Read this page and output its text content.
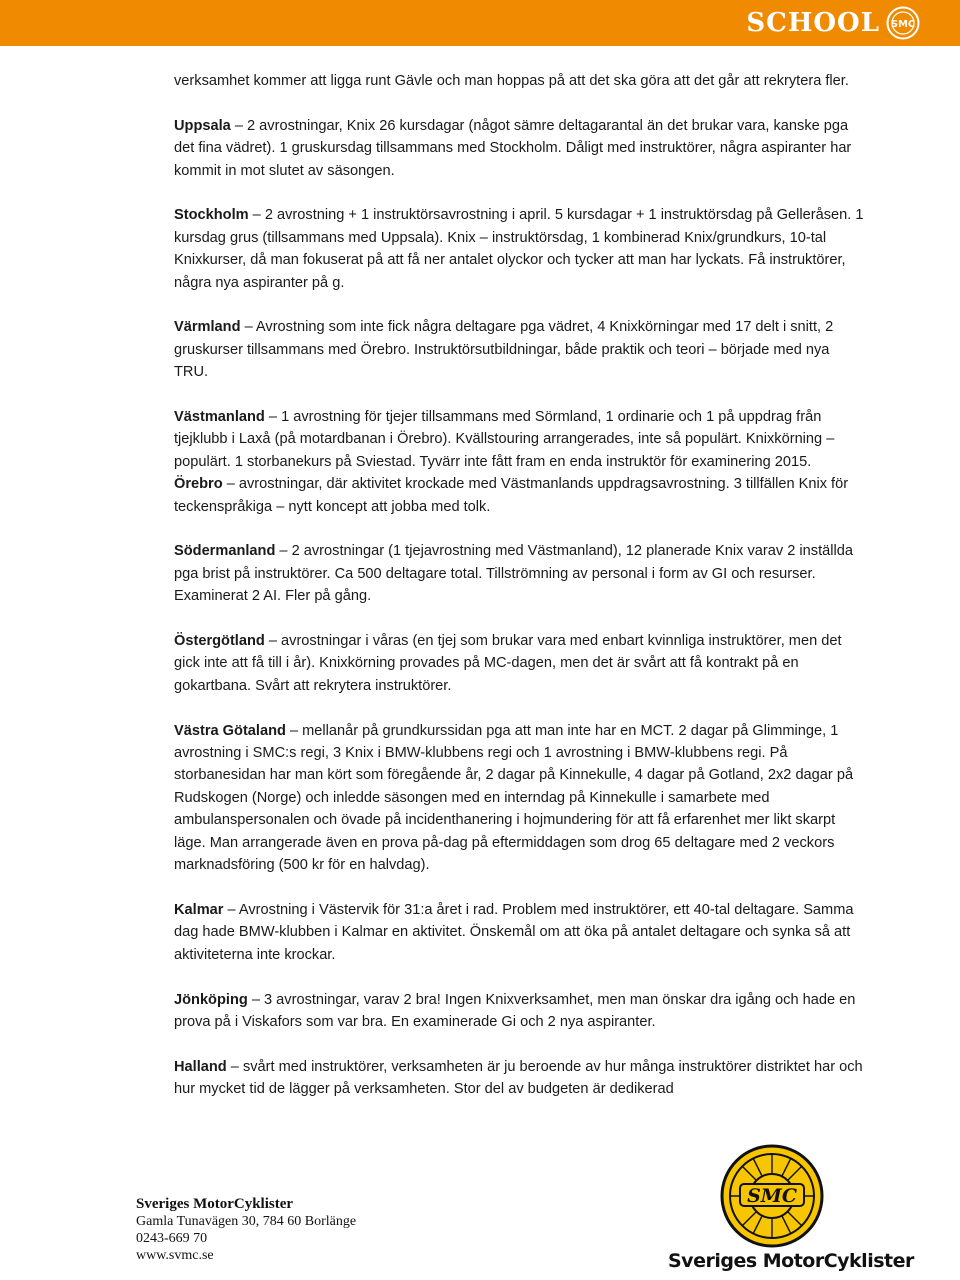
SCHOOL SMC

verksamhet kommer att ligga runt Gävle och man hoppas på att det ska göra att det går att rekrytera fler.

Uppsala – 2 avrostningar, Knix 26 kursdagar (något sämre deltagarantal än det brukar vara, kanske pga det fina vädret). 1 gruskursdag tillsammans med Stockholm. Dåligt med instruktörer, några aspiranter har kommit in mot slutet av säsongen.

Stockholm – 2 avrostning + 1 instruktörsavrostning i april. 5 kursdagar + 1 instruktörsdag på Gelleråsen. 1 kursdag grus (tillsammans med Uppsala). Knix – instruktörsdag, 1 kombinerad Knix/grundkurs, 10-tal Knixkurser, då man fokuserat på att få ner antalet olyckor och tycker att man har lyckats. Få instruktörer, några nya aspiranter på g.

Värmland – Avrostning som inte fick några deltagare pga vädret, 4 Knixkörningar med 17 delt i snitt, 2 gruskurser tillsammans med Örebro. Instruktörsutbildningar, både praktik och teori – började med nya TRU.

Västmanland – 1 avrostning för tjejer tillsammans med Sörmland, 1 ordinarie och 1 på uppdrag från tjejklubb i Laxå (på motardbanan i Örebro). Kvällstouring arrangerades, inte så populärt. Knixkörning – populärt. 1 storbanekurs på Sviestad. Tyvärr inte fått fram en enda instruktör för examinering 2015.

Örebro – avrostningar, där aktivitet krockade med Västmanlands uppdragsavrostning. 3 tillfällen Knix för teckenspråkiga – nytt koncept att jobba med tolk.

Södermanland – 2 avrostningar (1 tjejavrostning med Västmanland), 12 planerade Knix varav 2 inställda pga brist på instruktörer. Ca 500 deltagare total. Tillströmning av personal i form av GI och resurser. Examinerat 2 AI. Fler på gång.

Östergötland – avrostningar i våras (en tjej som brukar vara med enbart kvinnliga instruktörer, men det gick inte att få till i år). Knixkörning provades på MC-dagen, men det är svårt att få kontrakt på en gokartbana. Svårt att rekrytera instruktörer.

Västra Götaland – mellanår på grundkurssidan pga att man inte har en MCT. 2 dagar på Glimminge, 1 avrostning i SMC:s regi, 3 Knix i BMW-klubbens regi och 1 avrostning i BMW-klubbens regi. På storbanesidan har man kört som föregående år, 2 dagar på Kinnekulle, 4 dagar på Gotland, 2x2 dagar på Rudskogen (Norge) och inledde säsongen med en interndag på Kinnekulle i samarbete med ambulanspersonalen och övade på incidenthanering i hojmundering för att få erfarenhet mer likt skarpt läge. Man arrangerade även en prova på-dag på eftermiddagen som drog 65 deltagare med 2 veckors marknadsföring (500 kr för en halvdag).

Kalmar – Avrostning i Västervik för 31:a året i rad. Problem med instruktörer, ett 40-tal deltagare. Samma dag hade BMW-klubben i Kalmar en aktivitet. Önskemål om att öka på antalet deltagare och synka så att aktiviteterna inte krockar.

Jönköping – 3 avrostningar, varav 2 bra! Ingen Knixverksamhet, men man önskar dra igång och hade en prova på i Viskafors som var bra. En examinerade Gi och 2 nya aspiranter.

Halland – svårt med instruktörer, verksamheten är ju beroende av hur många instruktörer distriktet har och hur mycket tid de lägger på verksamheten. Stor del av budgeten är dedikerad

Sveriges MotorCyklister
Gamla Tunavägen 30, 784 60 Borlänge
0243-669 70
www.svmc.se
SMC
Sveriges MotorCyklister
